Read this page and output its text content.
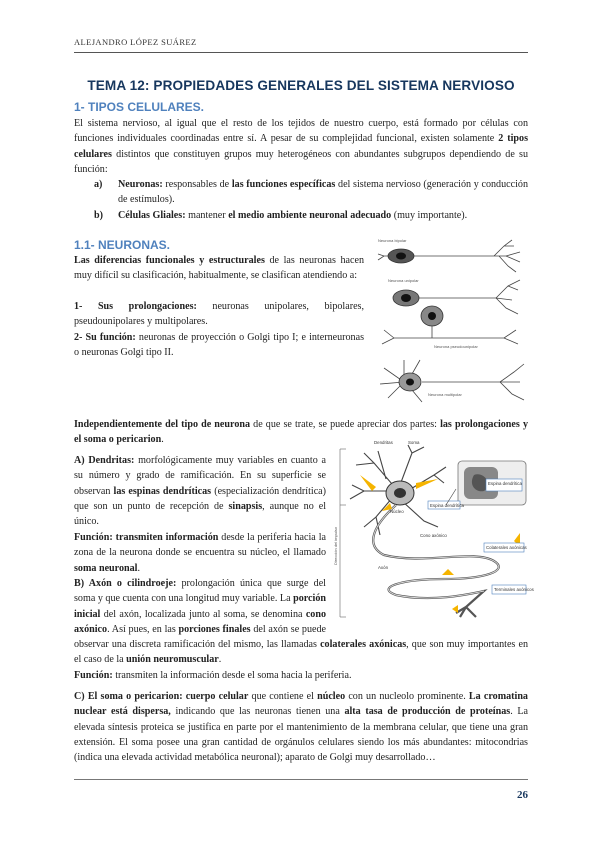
ALEJANDRO LÓPEZ SUÁREZ
TEMA 12: PROPIEDADES GENERALES DEL SISTEMA NERVIOSO
1- TIPOS CELULARES.

El sistema nervioso, al igual que el resto de los tejidos de nuestro cuerpo, está formado por células con funciones individuales coordinadas entre sí. A pesar de su complejidad funcional, existen solamente 2 tipos celulares distintos que constituyen grupos muy heterogéneos con abundantes subgrupos dependiendo de su función:

a)	Neuronas: responsables de las funciones específicas del sistema nervioso (generación y conducción de estímulos).
b)	Células Gliales: mantener el medio ambiente neuronal adecuado (muy importante).
1.1- NEURONAS.

Las diferencias funcionales y estructurales de las neuronas hacen muy difícil su clasificación, habitualmente, se clasifican atendiendo a:

1- Sus prolongaciones: neuronas unipolares, bipolares, pseudounipolares y multipolares.

2- Su función: neuronas de proyección o Golgi tipo I; e interneuronas o neuronas Golgi tipo II.

Neurona bipolar
Neurona unipolar
Neurona pseudounipolar
Neurona multipolar

Independientemente del tipo de neurona de que se trate, se puede apreciar dos partes: las prolongaciones y el soma o pericarion.

A) Dendritas: morfológicamente muy variables en cuanto a su número y grado de ramificación. En su superficie se observan las espinas dendríticas (especialización dendrítica) que son un punto de recepción de sinapsis, aunque no el único.

Función: transmiten información desde la periferia hacia la zona de la neurona donde se encuentra su núcleo, el llamado soma neuronal.

B) Axón o cilindroeje: prolongación única que surge del soma y que cuenta con una longitud muy variable. La porción inicial del axón, localizada junto al soma, se denomina cono axónico. Así pues, en las porciones finales del axón se puede observar una discreta ramificación del mismo, las llamadas colaterales axónicas, que son muy importantes en el caso de la unión neuromuscular.

Función: transmiten la información desde el soma hacia la periferia.

C) El soma o pericarion: cuerpo celular que contiene el núcleo con un nucleolo prominente. La cromatina nuclear está dispersa, indicando que las neuronas tienen una alta tasa de producción de proteínas. La elevada síntesis proteica se justifica en parte por el mantenimiento de la membrana celular, que tiene una gran extensión. El soma posee una gran cantidad de orgánulos celulares siendo los más abundantes: mitocondrias (indica una elevada actividad metabólica neuronal); aparato de Golgi muy desarrollado…

Dendritas	Soma
Espina dendrítica
Espina dendrítica
Núcleo
Axón
Cono axónico
Colaterales axónicas
Terminales axónicos
Dirección del impulso
26
